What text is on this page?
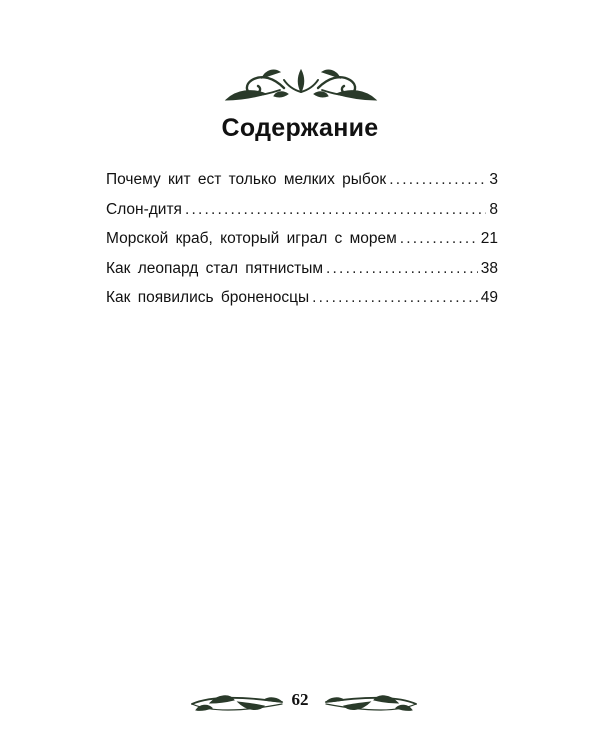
Содержание
Почему кит ест только мелких рыбок .....	3
Слон-дитя .....	8
Морской краб, который играл с морем .....	21
Как леопард стал пятнистым .....	38
Как появились броненосцы .....	49
62
